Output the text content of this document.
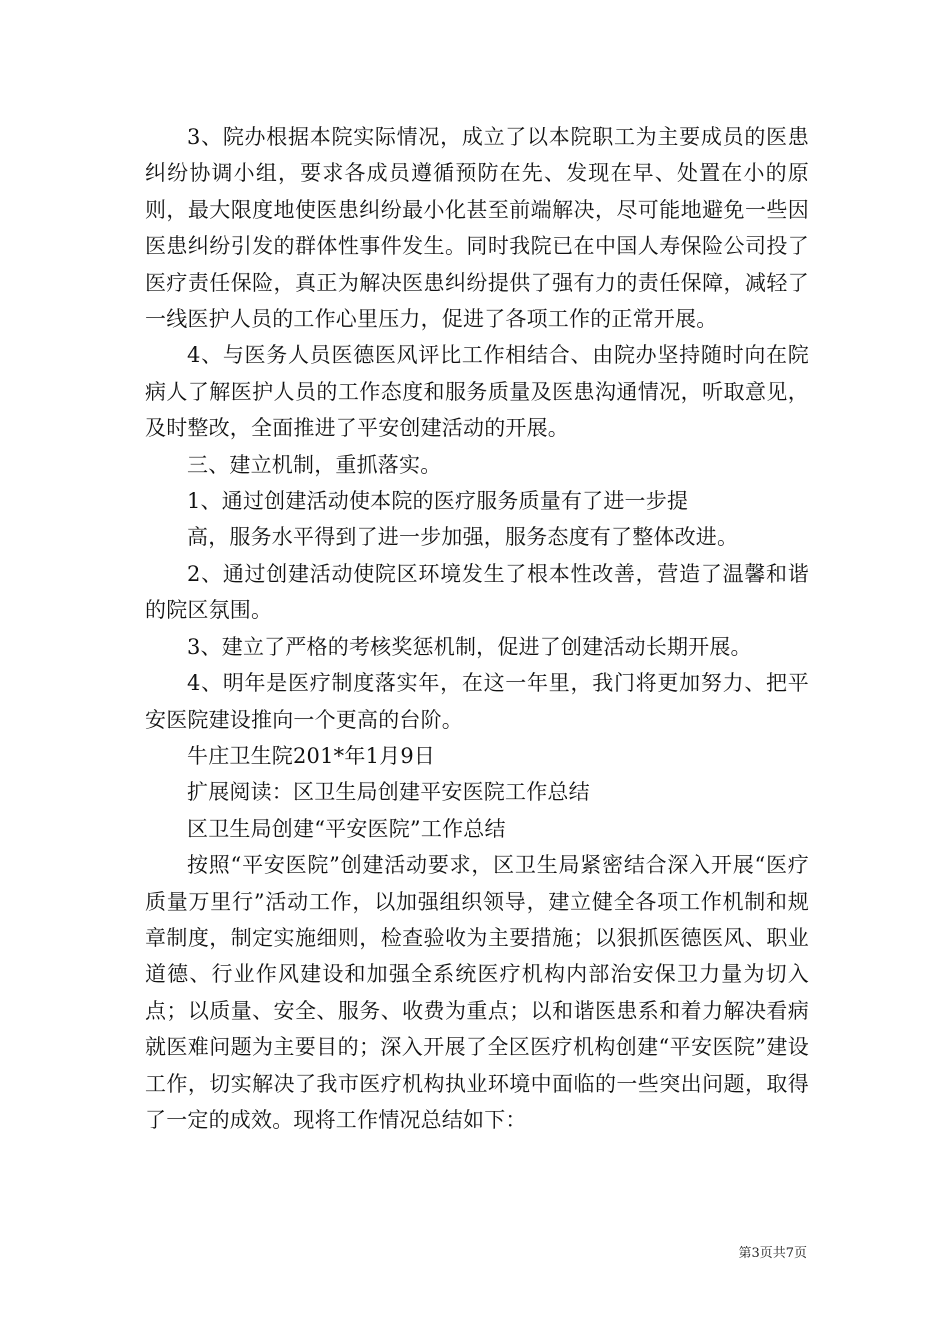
3、院办根据本院实际情况，成立了以本院职工为主要成员的医患纠纷协调小组，要求各成员遵循预防在先、发现在早、处置在小的原则，最大限度地使医患纠纷最小化甚至前端解决，尽可能地避免一些因医患纠纷引发的群体性事件发生。同时我院已在中国人寿保险公司投了医疗责任保险，真正为解决医患纠纷提供了强有力的责任保障，减轻了一线医护人员的工作心里压力，促进了各项工作的正常开展。

4、与医务人员医德医风评比工作相结合、由院办坚持随时向在院病人了解医护人员的工作态度和服务质量及医患沟通情况，听取意见，及时整改，全面推进了平安创建活动的开展。

三、建立机制，重抓落实。

1、通过创建活动使本院的医疗服务质量有了进一步提

高，服务水平得到了进一步加强，服务态度有了整体改进。

2、通过创建活动使院区环境发生了根本性改善，营造了温馨和谐的院区氛围。

3、建立了严格的考核奖惩机制，促进了创建活动长期开展。

4、明年是医疗制度落实年，在这一年里，我门将更加努力、把平安医院建设推向一个更高的台阶。

牛庄卫生院201*年1月9日

扩展阅读：区卫生局创建平安医院工作总结

区卫生局创建“平安医院”工作总结

按照“平安医院”创建活动要求，区卫生局紧密结合深入开展“医疗质量万里行”活动工作，以加强组织领导，建立健全各项工作机制和规章制度，制定实施细则，检查验收为主要措施；以狠抓医德医风、职业道德、行业作风建设和加强全系统医疗机构内部治安保卫力量为切入点；以质量、安全、服务、收费为重点；以和谐医患系和着力解决看病就医难问题为主要目的；深入开展了全区医疗机构创建“平安医院”建设工作，切实解决了我市医疗机构执业环境中面临的一些突出问题，取得了一定的成效。现将工作情况总结如下：

第3页共7页
